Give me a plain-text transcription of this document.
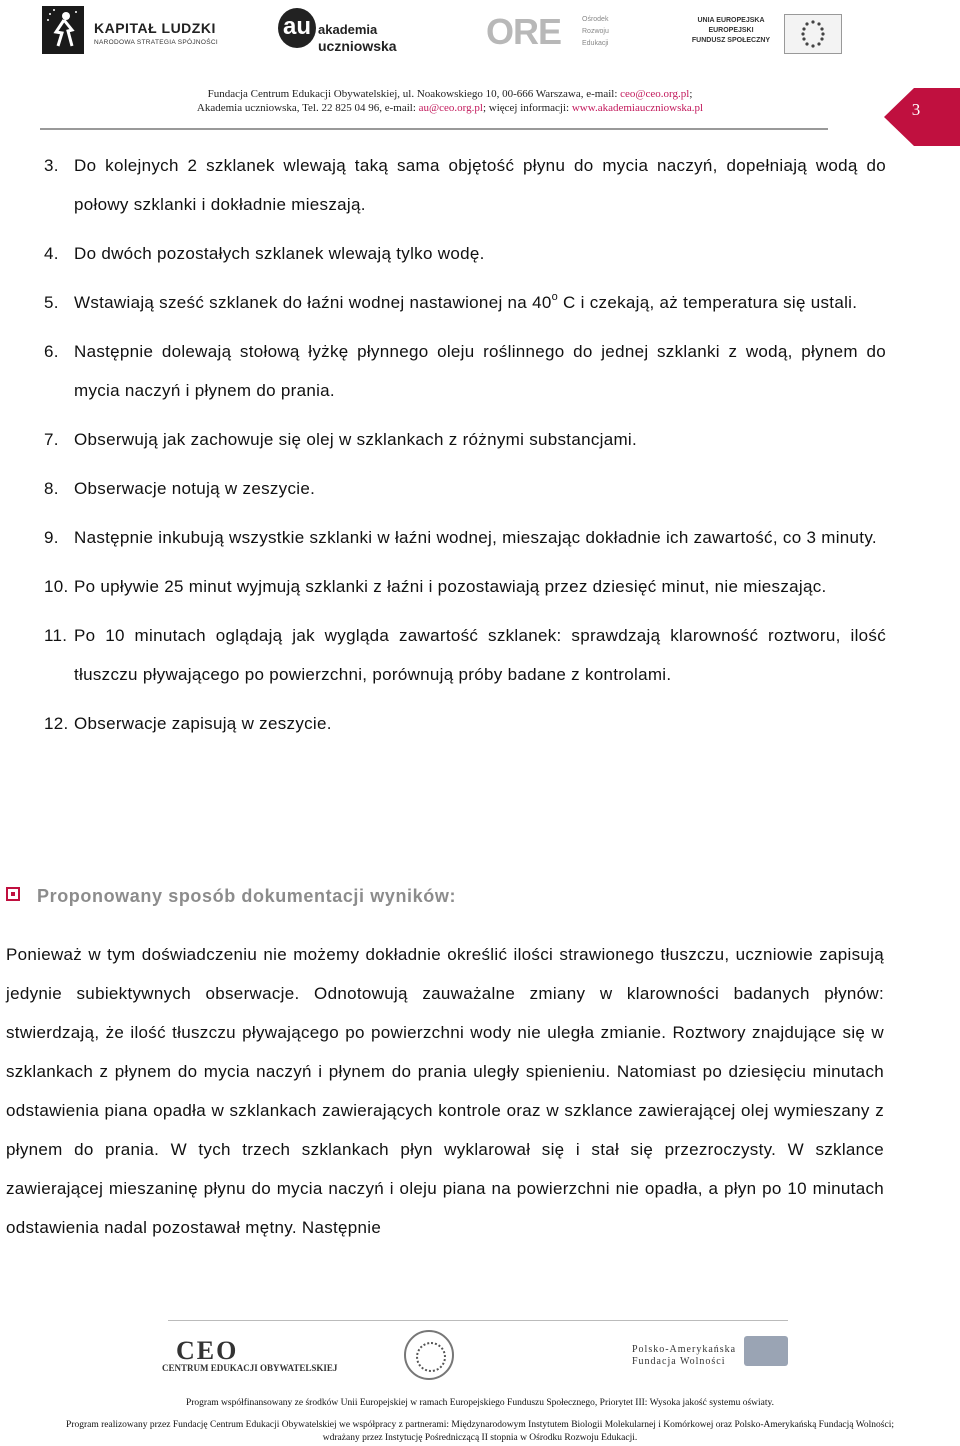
KAPITAŁ LUDZKI
NARODOWA STRATEGIA SPÓJNOŚCI
au akademia
uczniowska ORE	Ośrodek
Rozwoju
Edukacji
UNIA EUROPEJSKA
EUROPEJSKI
FUNDUSZ SPOŁECZNY
Fundacja Centrum Edukacji Obywatelskiej, ul. Noakowskiego 10, 00-666 Warszawa, e-mail: ceo@ceo.org.pl;
Akademia uczniowska, Tel. 22 825 04 96, e-mail: au@ceo.org.pl; więcej informacji: www.akademiauczniowska.pl	3
3. Do kolejnych 2 szklanek wlewają taką sama objętość płynu do mycia naczyń, dopełniają wodą do połowy szklanki i dokładnie mieszają.
4. Do dwóch pozostałych szklanek wlewają tylko wodę.
5. Wstawiają sześć szklanek do łaźni wodnej nastawionej na 40$^o$ C i czekają, aż temperatura się ustali.
6. Następnie dolewają stołową łyżkę płynnego oleju roślinnego do jednej szklanki z wodą, płynem do mycia naczyń i płynem do prania.
7. Obserwują jak zachowuje się olej w szklankach z różnymi substancjami.
8. Obserwacje notują w zeszycie.
9. Następnie inkubują wszystkie szklanki w łaźni wodnej, mieszając dokładnie ich zawartość, co 3 minuty.
10. Po upływie 25 minut wyjmują szklanki z łaźni i pozostawiają przez dziesięć minut, nie mieszając.
11. Po 10 minutach oglądają jak wygląda zawartość szklanek: sprawdzają klarowność roztworu, ilość tłuszczu pływającego po powierzchni, porównują próby badane z kontrolami.
12. Obserwacje zapisują w zeszycie.
Proponowany sposób dokumentacji wyników:

Ponieważ w tym doświadczeniu nie możemy dokładnie określić ilości strawionego tłuszczu, uczniowie zapisują jedynie subiektywnych obserwacje. Odnotowują zauważalne zmiany w klarowności badanych płynów: stwierdzają, że ilość tłuszczu pływającego po powierzchni wody nie uległa zmianie. Roztwory znajdujące się w szklankach z płynem do mycia naczyń i płynem do prania uległy spienieniu. Natomiast po dziesięciu minutach odstawienia piana opadła w szklankach zawierających kontrole oraz w szklance zawierającej olej wymieszany z płynem do prania. W tych trzech szklankach płyn wyklarował się i stał się przezroczysty. W szklance zawierającej mieszaninę płynu do mycia naczyń i oleju piana na powierzchni nie opadła, a płyn po 10 minutach odstawienia nadal pozostawał mętny. Następnie

CEO
CENTRUM EDUKACJI OBYWATELSKIEJ
Polsko-Amerykańska
Fundacja Wolności
Program współfinansowany ze środków Unii Europejskiej w ramach Europejskiego Funduszu Społecznego, Priorytet III: Wysoka jakość systemu oświaty.
Program realizowany przez Fundację Centrum Edukacji Obywatelskiej we współpracy z partnerami: Międzynarodowym Instytutem Biologii Molekularnej i Komórkowej oraz Polsko-Amerykańską Fundacją Wolności;
wdrażany przez Instytucję Pośredniczącą II stopnia w Ośrodku Rozwoju Edukacji.
